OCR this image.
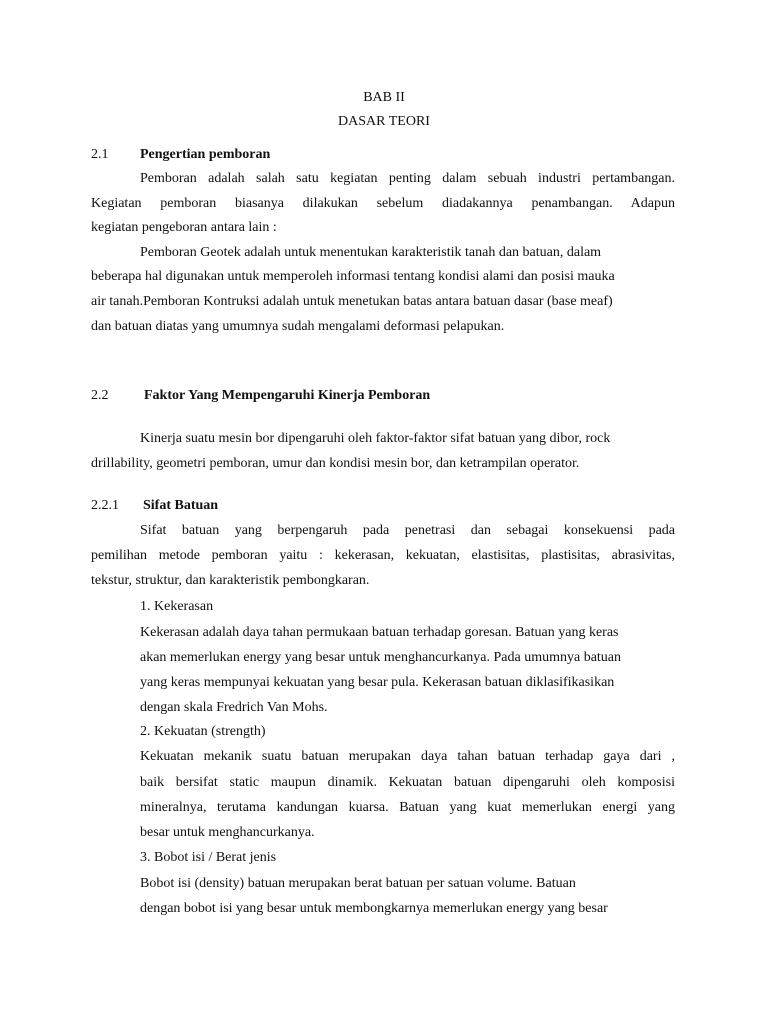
BAB II
DASAR TEORI
2.1 Pengertian pemboran
Pemboran adalah salah satu kegiatan penting dalam sebuah industri pertambangan.
Kegiatan pemboran biasanya dilakukan sebelum diadakannya penambangan. Adapun
kegiatan pengeboran antara lain :
Pemboran Geotek adalah untuk menentukan karakteristik tanah dan batuan, dalam
beberapa hal digunakan untuk memperoleh informasi tentang kondisi alami dan posisi mauka
air tanah.Pemboran Kontruksi adalah untuk menetukan batas antara batuan dasar (base meaf)
dan batuan diatas yang umumnya sudah mengalami deformasi pelapukan.
2.2	Faktor Yang Mempengaruhi Kinerja Pemboran
Kinerja suatu mesin bor dipengaruhi oleh faktor-faktor sifat batuan yang dibor, rock
drillability, geometri pemboran, umur dan kondisi mesin bor, dan ketrampilan operator.
2.2.1 Sifat Batuan
Sifat batuan yang berpengaruh pada penetrasi dan sebagai konsekuensi pada
pemilihan metode pemboran yaitu : kekerasan, kekuatan, elastisitas, plastisitas, abrasivitas,
tekstur, struktur, dan karakteristik pembongkaran.
1. Kekerasan
Kekerasan adalah daya tahan permukaan batuan terhadap goresan. Batuan yang keras
akan memerlukan energy yang besar untuk menghancurkanya. Pada umumnya batuan
yang keras mempunyai kekuatan yang besar pula. Kekerasan batuan diklasifikasikan
dengan skala Fredrich Van Mohs.
2. Kekuatan (strength)
Kekuatan mekanik suatu batuan merupakan daya tahan batuan terhadap gaya dari ,
baik bersifat static maupun dinamik. Kekuatan batuan dipengaruhi oleh komposisi
mineralnya, terutama kandungan kuarsa. Batuan yang kuat memerlukan energi yang
besar untuk menghancurkanya.
3. Bobot isi / Berat jenis
Bobot isi (density) batuan merupakan berat batuan per satuan volume. Batuan
dengan bobot isi yang besar untuk membongkarnya memerlukan energy yang besar
